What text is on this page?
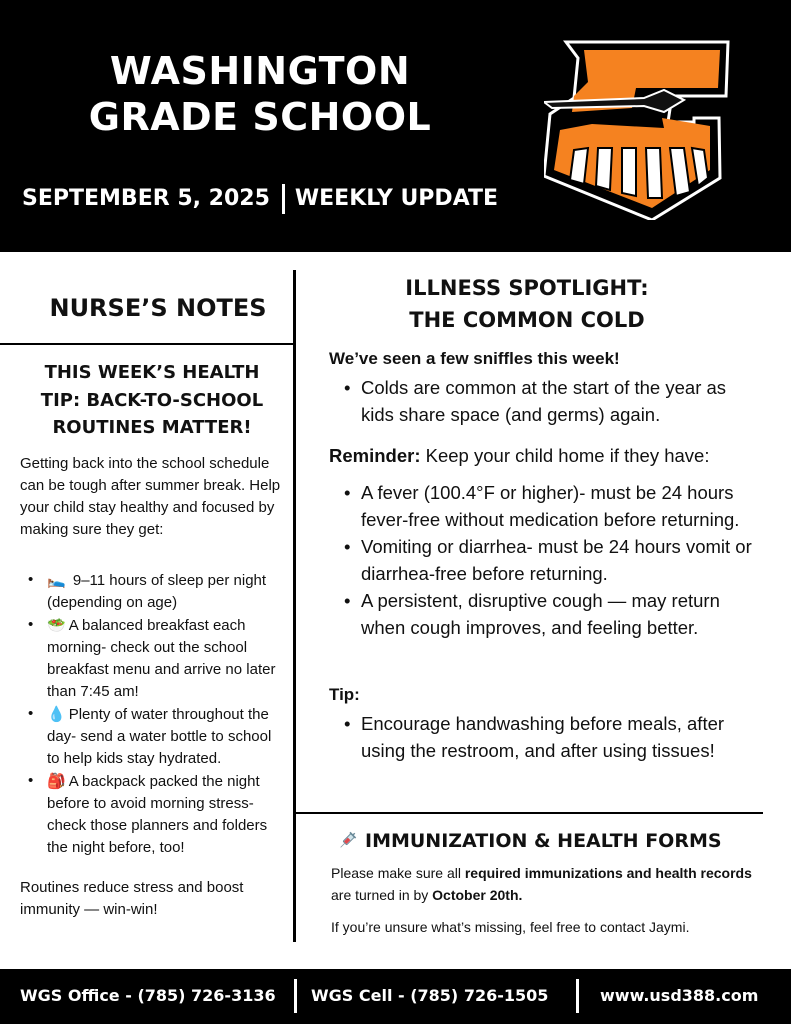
WASHINGTON
GRADE SCHOOL
SEPTEMBER 5, 2025 WEEKLY UPDATE
NURSE’S NOTES
THIS WEEK’S HEALTH
TIP: BACK-TO-SCHOOL
ROUTINES MATTER!
Getting back into the school schedule can be tough after summer break. Help your child stay healthy and focused by making sure they get:
• 🛌 9–11 hours of sleep per night (depending on age)
• 🥗 A balanced breakfast each morning- check out the school breakfast menu and arrive no later than 7:45 am!
• 💧 Plenty of water throughout the day- send a water bottle to school to help kids stay hydrated.
• 🎒 A backpack packed the night before to avoid morning stress- check those planners and folders the night before, too!
Routines reduce stress and boost immunity — win-win!
ILLNESS SPOTLIGHT:
THE COMMON COLD
We’ve seen a few sniffles this week!
• Colds are common at the start of the year as kids share space (and germs) again.
Reminder: Keep your child home if they have:
• A fever (100.4°F or higher)- must be 24 hours fever-free without medication before returning.
• Vomiting or diarrhea- must be 24 hours vomit or diarrhea-free before returning.
• A persistent, disruptive cough — may return when cough improves, and feeling better.
Tip:
• Encourage handwashing before meals, after using the restroom, and after using tissues!
IMMUNIZATION & HEALTH FORMS
Please make sure all required immunizations and health records are turned in by October 20th.
If you’re unsure what’s missing, feel free to contact Jaymi.
WGS Office - (785) 726-3136 WGS Cell - (785) 726-1505	www.usd388.com
